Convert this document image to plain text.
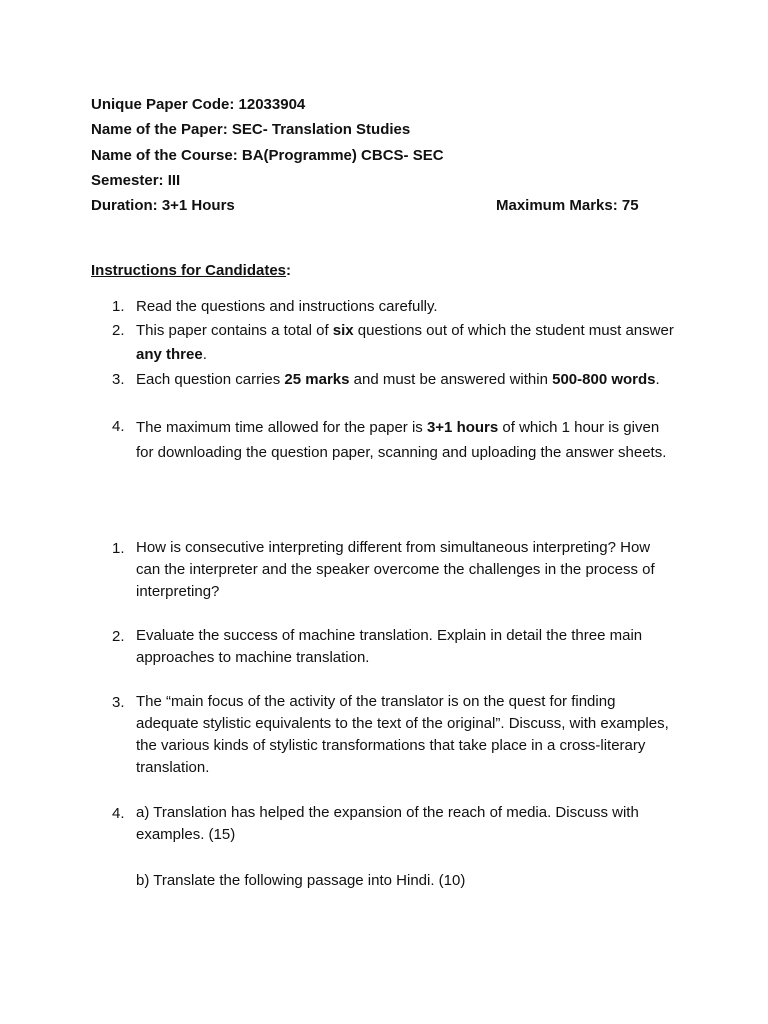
Unique Paper Code: 12033904
Name of the Paper: SEC- Translation Studies
Name of the Course: BA(Programme) CBCS- SEC
Semester: III
Duration: 3+1 Hours	Maximum Marks: 75
Instructions for Candidates:
1. Read the questions and instructions carefully.
2. This paper contains a total of six questions out of which the student must answer any three.
3. Each question carries 25 marks and must be answered within 500-800 words.
4. The maximum time allowed for the paper is 3+1 hours of which 1 hour is given for downloading the question paper, scanning and uploading the answer sheets.
1. How is consecutive interpreting different from simultaneous interpreting? How can the interpreter and the speaker overcome the challenges in the process of interpreting?
2. Evaluate the success of machine translation. Explain in detail the three main approaches to machine translation.
3. The “main focus of the activity of the translator is on the quest for finding adequate stylistic equivalents to the text of the original”. Discuss, with examples, the various kinds of stylistic transformations that take place in a cross-literary translation.
4. a) Translation has helped the expansion of the reach of media. Discuss with examples. (15)
b) Translate the following passage into Hindi. (10)
